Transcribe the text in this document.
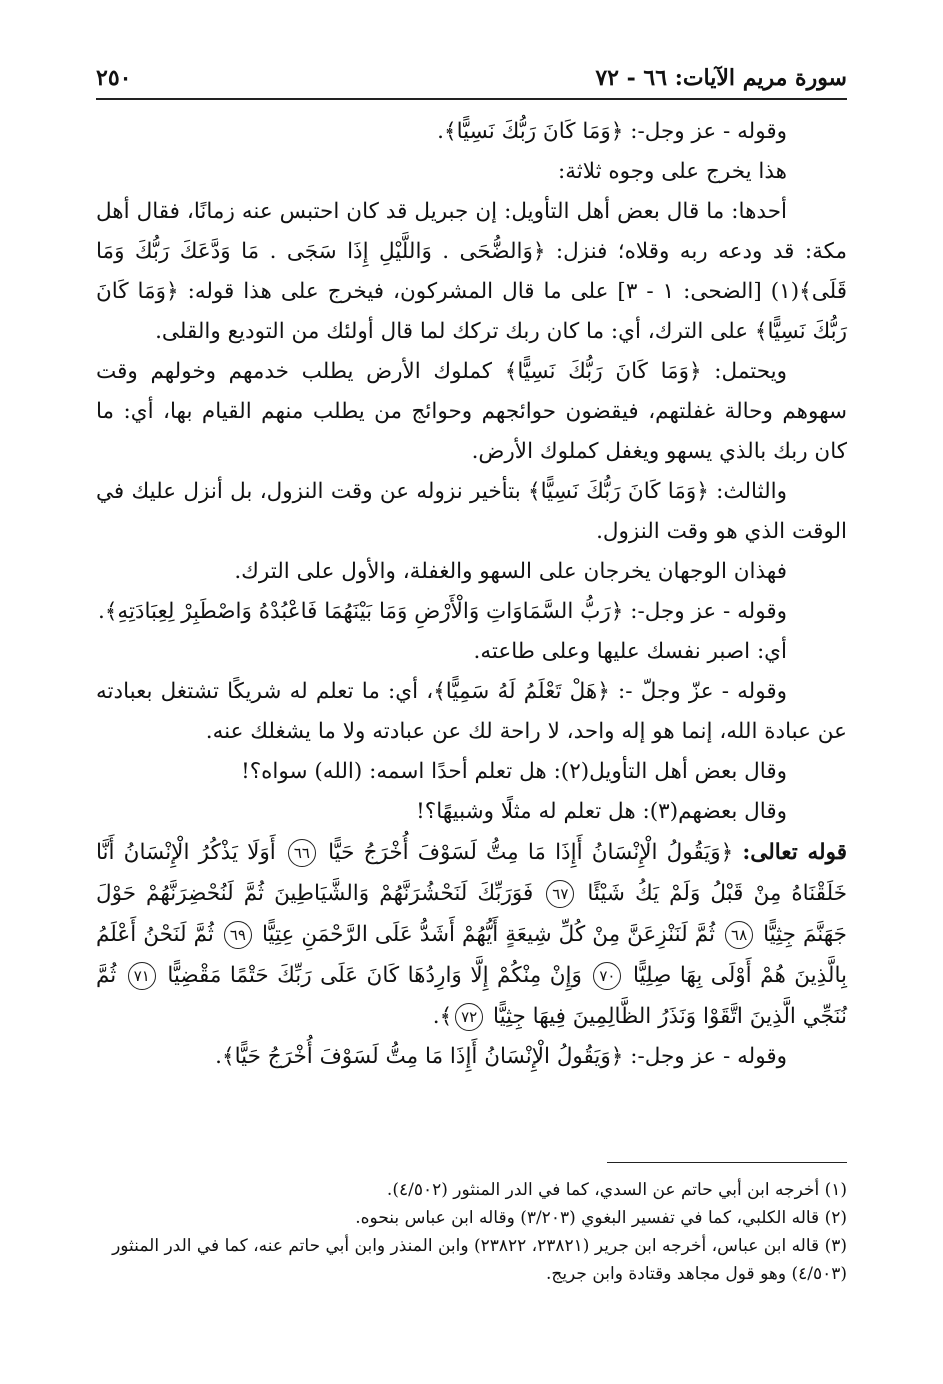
سورة مريم الآيات: ٦٦ - ٧٢
٢٥٠

وقوله - عز وجل-: ﴿وَمَا كَانَ رَبُّكَ نَسِيًّا﴾.

هذا يخرج على وجوه ثلاثة:

أحدها: ما قال بعض أهل التأويل: إن جبريل قد كان احتبس عنه زمانًا، فقال أهل مكة: قد ودعه ربه وقلاه؛ فنزل: ﴿وَالضُّحَى . وَاللَّيْلِ إِذَا سَجَى . مَا وَدَّعَكَ رَبُّكَ وَمَا قَلَى﴾(١) [الضحى: ١ - ٣] على ما قال المشركون، فيخرج على هذا قوله: ﴿وَمَا كَانَ رَبُّكَ نَسِيًّا﴾ على الترك، أي: ما كان ربك تركك لما قال أولئك من التوديع والقلى.

ويحتمل: ﴿وَمَا كَانَ رَبُّكَ نَسِيًّا﴾ كملوك الأرض يطلب خدمهم وخولهم وقت سهوهم وحالة غفلتهم، فيقضون حوائجهم وحوائج من يطلب منهم القيام بها، أي: ما كان ربك بالذي يسهو ويغفل كملوك الأرض.

والثالث: ﴿وَمَا كَانَ رَبُّكَ نَسِيًّا﴾ بتأخير نزوله عن وقت النزول، بل أنزل عليك في الوقت الذي هو وقت النزول.

فهذان الوجهان يخرجان على السهو والغفلة، والأول على الترك.

وقوله - عز وجل-: ﴿رَبُّ السَّمَاوَاتِ وَالْأَرْضِ وَمَا بَيْنَهُمَا فَاعْبُدْهُ وَاصْطَبِرْ لِعِبَادَتِهِ﴾.

أي: اصبر نفسك عليها وعلى طاعته.

وقوله - عزّ وجلّ -: ﴿هَلْ تَعْلَمُ لَهُ سَمِيًّا﴾، أي: ما تعلم له شريكًا تشتغل بعبادته عن عبادة الله، إنما هو إله واحد، لا راحة لك عن عبادته ولا ما يشغلك عنه.

وقال بعض أهل التأويل(٢): هل تعلم أحدًا اسمه: (الله) سواه؟!

وقال بعضهم(٣): هل تعلم له مثلًا وشبيهًا؟!

قوله تعالى: ﴿وَيَقُولُ الْإِنْسَانُ أَإِذَا مَا مِتُّ لَسَوْفَ أُخْرَجُ حَيًّا ٦٦ أَوَلَا يَذْكُرُ الْإِنْسَانُ أَنَّا خَلَقْنَاهُ مِنْ قَبْلُ وَلَمْ يَكُ شَيْئًا ٦٧ فَوَرَبِّكَ لَنَحْشُرَنَّهُمْ وَالشَّيَاطِينَ ثُمَّ لَنُحْضِرَنَّهُمْ حَوْلَ جَهَنَّمَ جِثِيًّا ٦٨ ثُمَّ لَنَنْزِعَنَّ مِنْ كُلِّ شِيعَةٍ أَيُّهُمْ أَشَدُّ عَلَى الرَّحْمَنِ عِتِيًّا ٦٩ ثُمَّ لَنَحْنُ أَعْلَمُ بِالَّذِينَ هُمْ أَوْلَى بِهَا صِلِيًّا ٧٠ وَإِنْ مِنْكُمْ إِلَّا وَارِدُهَا كَانَ عَلَى رَبِّكَ حَتْمًا مَقْضِيًّا ٧١ ثُمَّ نُنَجِّي الَّذِينَ اتَّقَوْا وَنَذَرُ الظَّالِمِينَ فِيهَا جِثِيًّا ٧٢﴾.

وقوله - عز وجل-: ﴿وَيَقُولُ الْإِنْسَانُ أَإِذَا مَا مِتُّ لَسَوْفَ أُخْرَجُ حَيًّا﴾.

(١) أخرجه ابن أبي حاتم عن السدي، كما في الدر المنثور (٤/٥٠٢).

(٢) قاله الكلبي، كما في تفسير البغوي (٣/٢٠٣) وقاله ابن عباس بنحوه.

(٣) قاله ابن عباس، أخرجه ابن جرير (٢٣٨٢١، ٢٣٨٢٢) وابن المنذر وابن أبي حاتم عنه، كما في الدر المنثور (٤/٥٠٣) وهو قول مجاهد وقتادة وابن جريج.
